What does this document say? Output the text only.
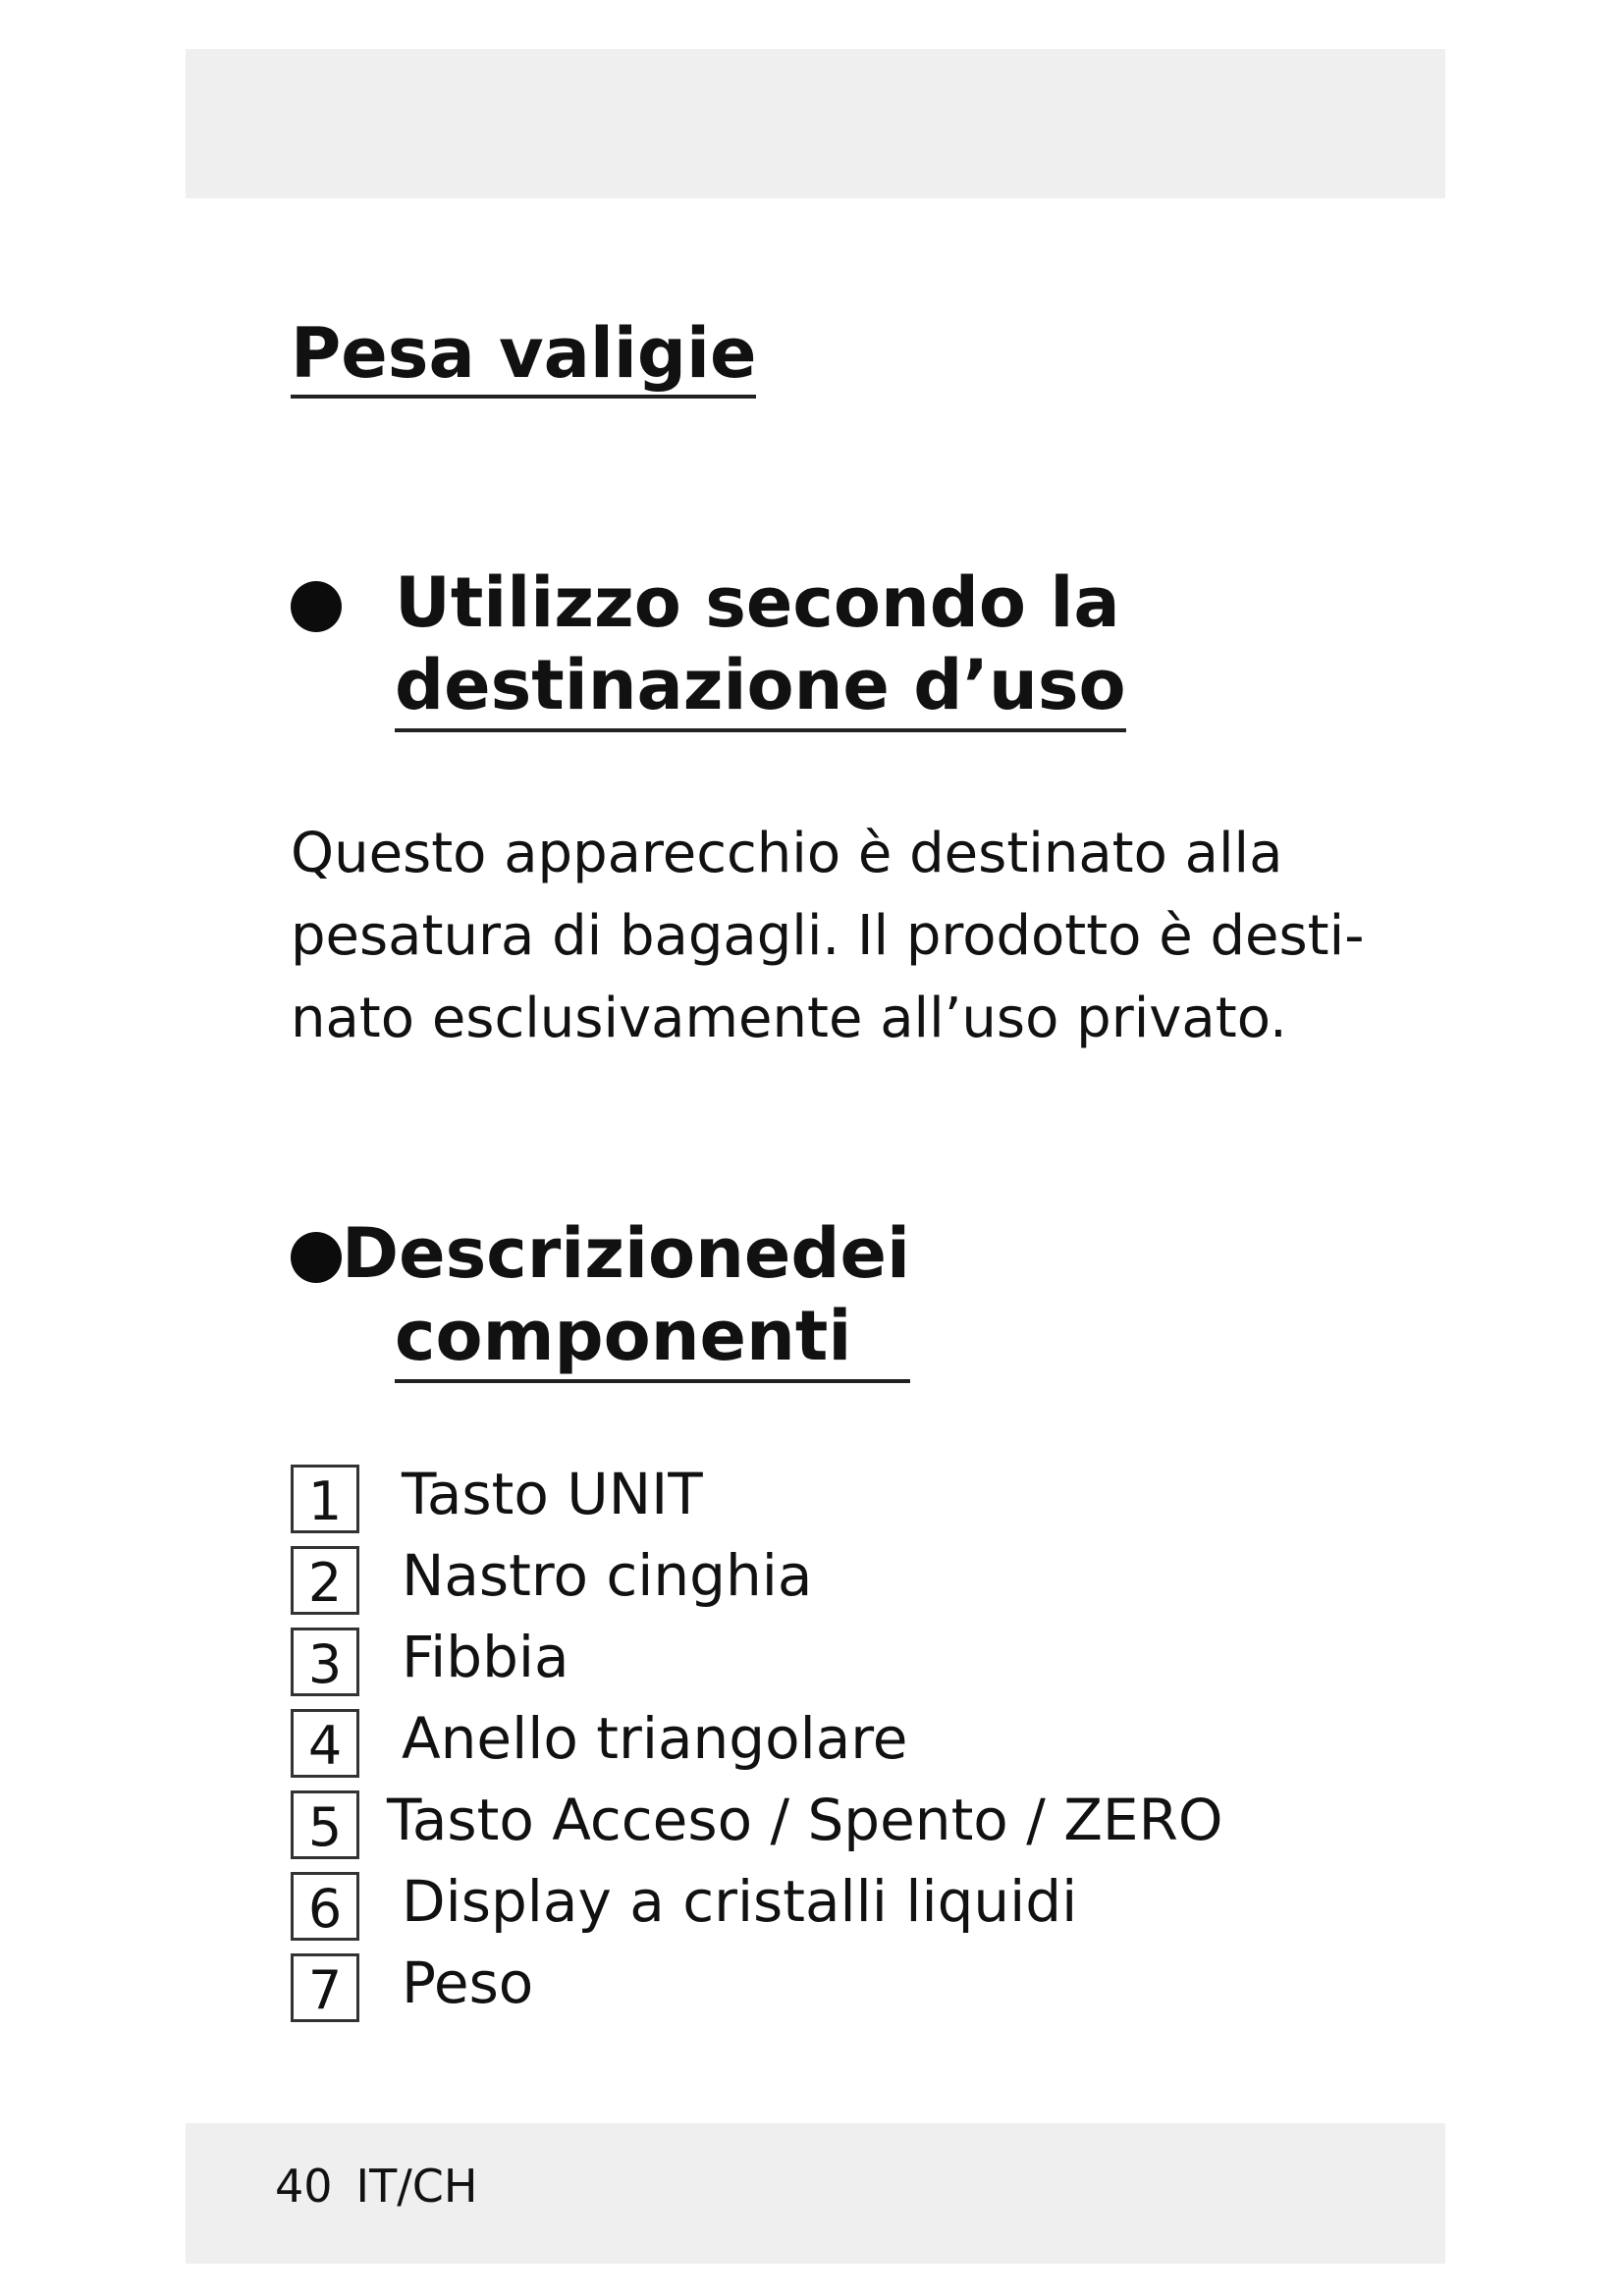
Pesa valigie
Utilizzo secondo la
destinazione d’uso

Questo apparecchio è destinato alla
pesatura di bagagli. Il prodotto è desti-
nato esclusivamente all’uso privato.

Descrizionedei
componenti
1	Tasto UNIT
2	Nastro cinghia
3	Fibbia
4	Anello triangolare
5 Tasto Acceso / Spento / ZERO
6	Display a cristalli liquidi
7	Peso
40 IT/CH
